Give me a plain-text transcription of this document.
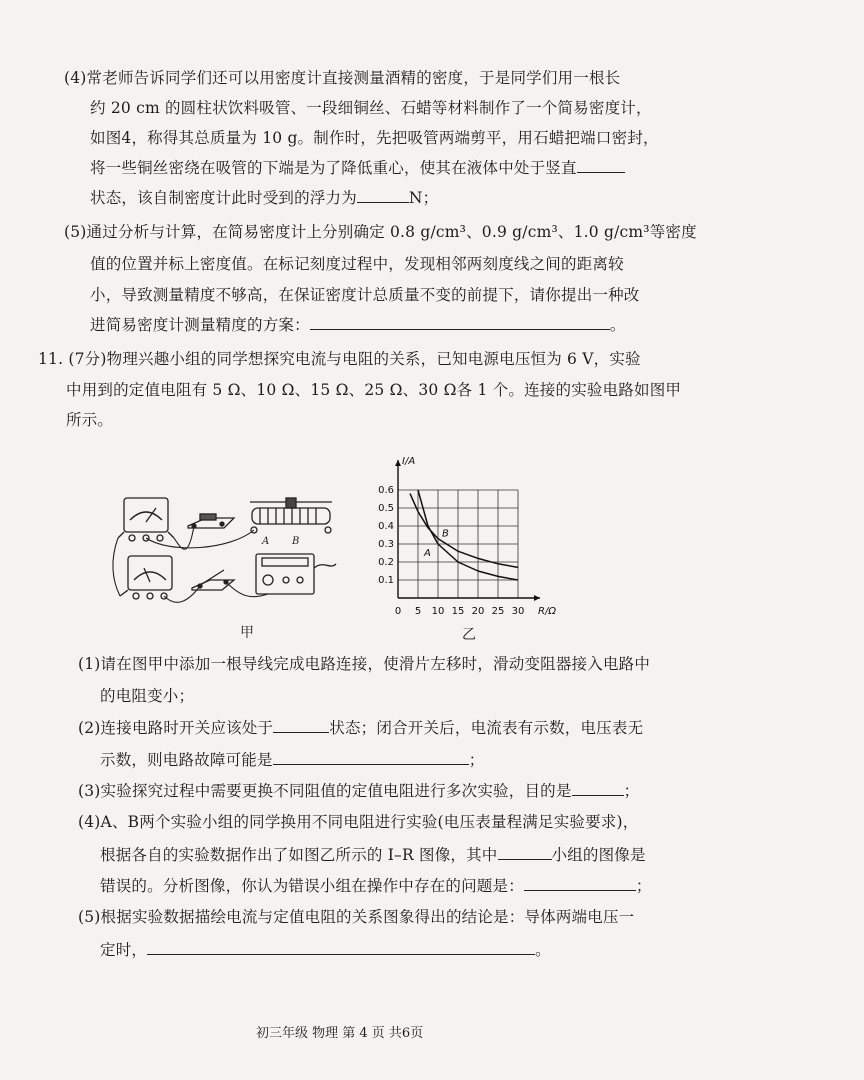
(4)常老师告诉同学们还可以用密度计直接测量酒精的密度，于是同学们用一根长
约 20 cm 的圆柱状饮料吸管、一段细铜丝、石蜡等材料制作了一个简易密度计，
如图4，称得其总质量为 10 g。制作时，先把吸管两端剪平，用石蜡把端口密封，
将一些铜丝密绕在吸管的下端是为了降低重心，使其在液体中处于竖直
状态，该自制密度计此时受到的浮力为	N；
(5)通过分析与计算，在简易密度计上分别确定 0.8 g/cm³、0.9 g/cm³、1.0 g/cm³等密度
值的位置并标上密度值。在标记刻度过程中，发现相邻两刻度线之间的距离较
小，导致测量精度不够高，在保证密度计总质量不变的前提下，请你提出一种改
进简易密度计测量精度的方案：	。
11. (7分)物理兴趣小组的同学想探究电流与电阻的关系，已知电源电压恒为 6 V，实验
中用到的定值电阻有 5 Ω、10 Ω、15 Ω、25 Ω、30 Ω各 1 个。连接的实验电路如图甲
所示。
A B
甲
R/Ω
I/A
0 5 10 15 20 25 30
0.1
0.2
0.3
0.4
0.5
0.6
A
B
乙
(1)请在图甲中添加一根导线完成电路连接，使滑片左移时，滑动变阻器接入电路中
的电阻变小；
(2)连接电路时开关应该处于	状态；闭合开关后，电流表有示数，电压表无
示数，则电路故障可能是	；
(3)实验探究过程中需要更换不同阻值的定值电阻进行多次实验，目的是	；
(4)A、B两个实验小组的同学换用不同电阻进行实验(电压表量程满足实验要求)，
根据各自的实验数据作出了如图乙所示的 I–R 图像，其中	小组的图像是
错误的。分析图像，你认为错误小组在操作中存在的问题是：	；
(5)根据实验数据描绘电流与定值电阻的关系图象得出的结论是：导体两端电压一
定时，	。
初三年级 物理 第 4 页 共6页
